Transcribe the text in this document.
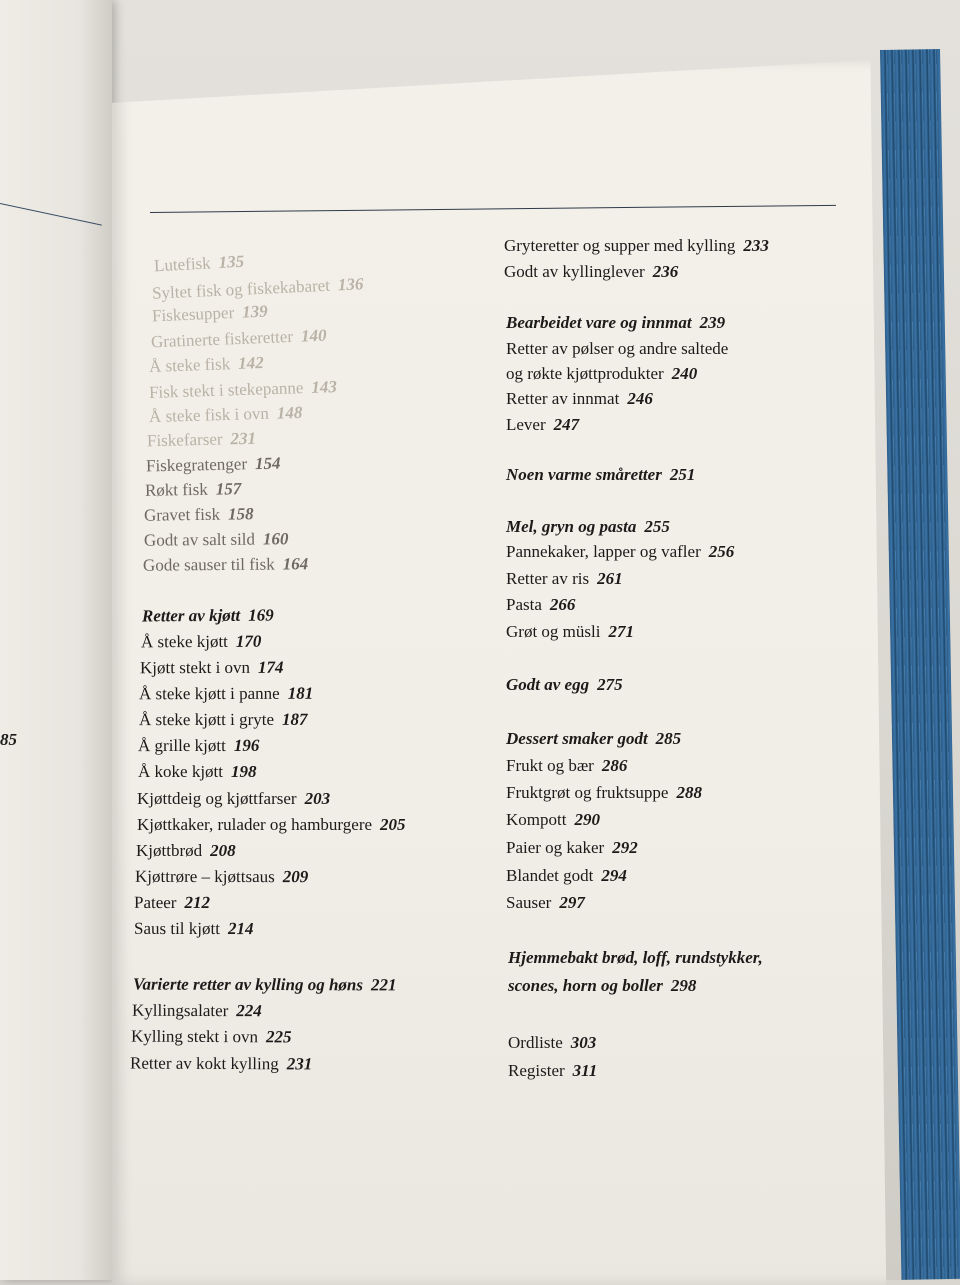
85
Lutefisk 135
Syltet fisk og fiskekabaret 136
Fiskesupper 139
Gratinerte fiskeretter 140
Å steke fisk 142
Fisk stekt i stekepanne 143
Å steke fisk i ovn 148
Fiskefarser 231
Fiskegratenger 154
Røkt fisk 157
Gravet fisk 158
Godt av salt sild 160
Gode sauser til fisk 164
Retter av kjøtt 169
Å steke kjøtt 170
Kjøtt stekt i ovn 174
Å steke kjøtt i panne 181
Å steke kjøtt i gryte 187
Å grille kjøtt 196
Å koke kjøtt 198
Kjøttdeig og kjøttfarser 203
Kjøttkaker, rulader og hamburgere 205
Kjøttbrød 208
Kjøttrøre – kjøttsaus 209
Pateer 212
Saus til kjøtt 214
Varierte retter av kylling og høns 221
Kyllingsalater 224
Kylling stekt i ovn 225
Retter av kokt kylling 231
Gryteretter og supper med kylling 233
Godt av kyllinglever 236
Bearbeidet vare og innmat 239
Retter av pølser og andre saltede
og røkte kjøttprodukter 240
Retter av innmat 246
Lever 247
Noen varme småretter 251
Mel, gryn og pasta 255
Pannekaker, lapper og vafler 256
Retter av ris 261
Pasta 266
Grøt og müsli 271
Godt av egg 275
Dessert smaker godt 285
Frukt og bær 286
Fruktgrøt og fruktsuppe 288
Kompott 290
Paier og kaker 292
Blandet godt 294
Sauser 297
Hjemmebakt brød, loff, rundstykker,
scones, horn og boller 298
Ordliste 303
Register 311
